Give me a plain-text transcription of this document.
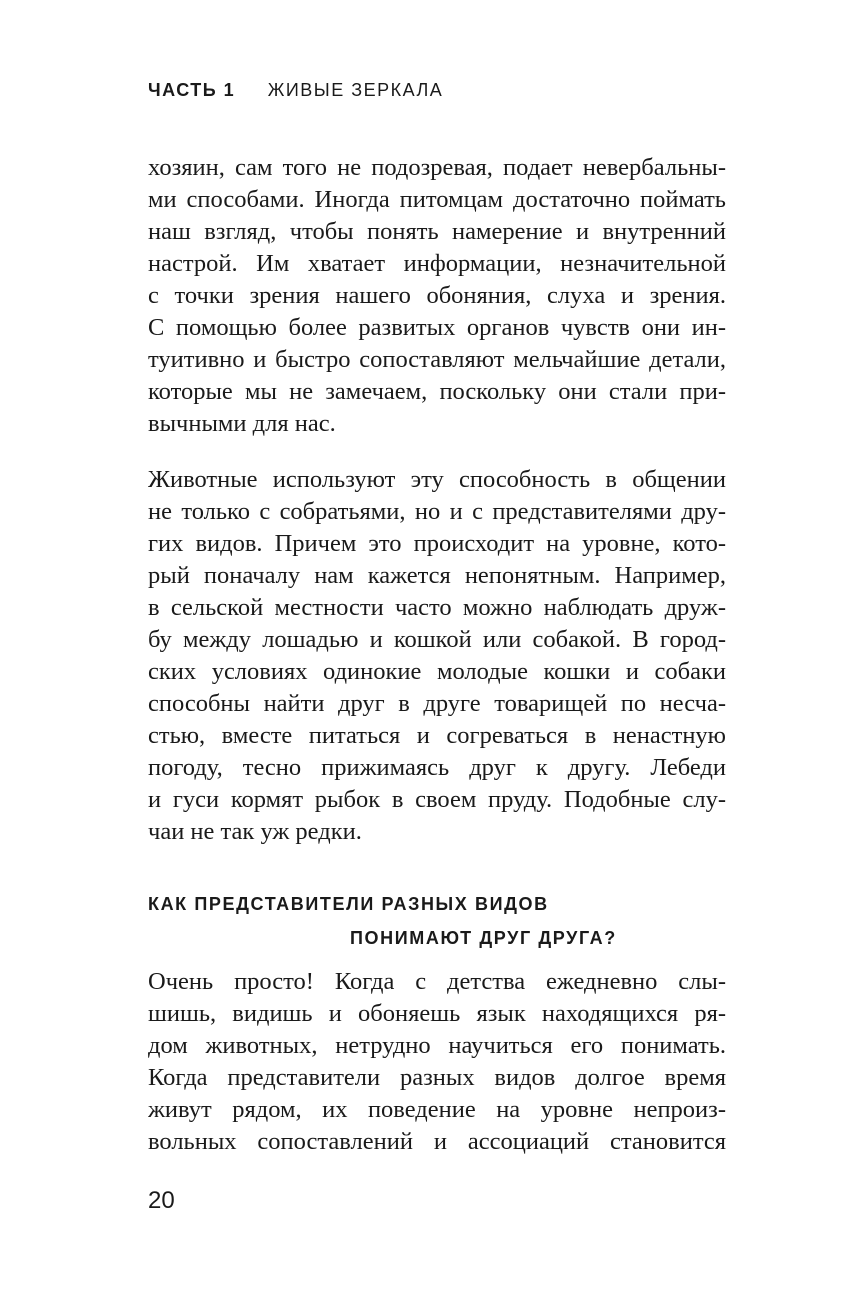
ЧАСТЬ 1 ЖИВЫЕ ЗЕРКАЛА
хозяин, сам того не подозревая, подает невербальны-
ми способами. Иногда питомцам достаточно поймать
наш взгляд, чтобы понять намерение и внутренний
настрой. Им хватает информации, незначительной
с точки зрения нашего обоняния, слуха и зрения.
С помощью более развитых органов чувств они ин-
туитивно и быстро сопоставляют мельчайшие детали,
которые мы не замечаем, поскольку они стали при-
вычными для нас.
Животные используют эту способность в общении
не только с собратьями, но и с представителями дру-
гих видов. Причем это происходит на уровне, кото-
рый поначалу нам кажется непонятным. Например,
в сельской местности часто можно наблюдать друж-
бу между лошадью и кошкой или собакой. В город-
ских условиях одинокие молодые кошки и собаки
способны найти друг в друге товарищей по несча-
стью, вместе питаться и согреваться в ненастную
погоду, тесно прижимаясь друг к другу. Лебеди
и гуси кормят рыбок в своем пруду. Подобные слу-
чаи не так уж редки.
КАК ПРЕДСТАВИТЕЛИ РАЗНЫХ ВИДОВ
ПОНИМАЮТ ДРУГ ДРУГА?
Очень просто! Когда с детства ежедневно слы-
шишь, видишь и обоняешь язык находящихся ря-
дом животных, нетрудно научиться его понимать.
Когда представители разных видов долгое время
живут рядом, их поведение на уровне непроиз-
вольных сопоставлений и ассоциаций становится
20
